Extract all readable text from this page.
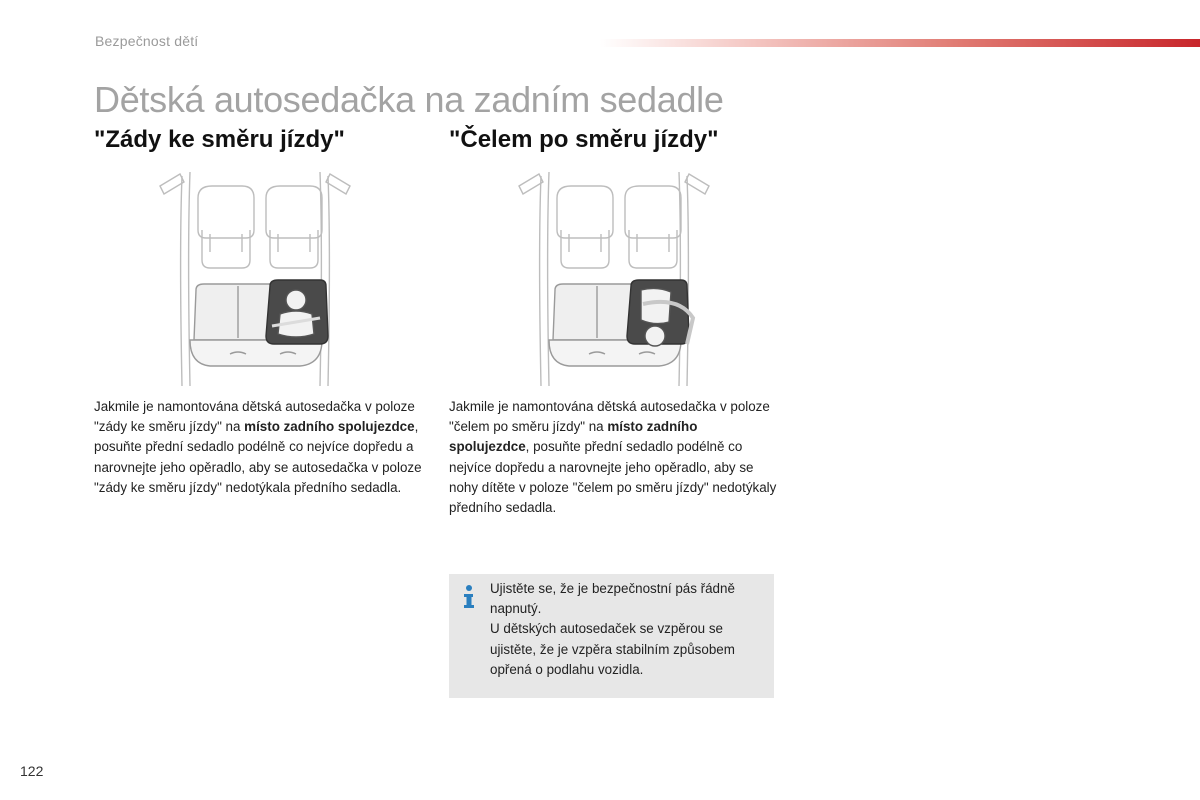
Bezpečnost dětí
Dětská autosedačka na zadním sedadle
"Zády ke směru jízdy"	"Čelem po směru jízdy"
Jakmile je namontována dětská autosedačka v poloze "zády ke směru jízdy" na místo zadního spolujezdce, posuňte přední sedadlo podélně co nejvíce dopředu a narovnejte jeho opěradlo, aby se autosedačka v poloze "zády ke směru jízdy" nedotýkala předního sedadla.
Jakmile je namontována dětská autosedačka v poloze "čelem po směru jízdy" na místo zadního spolujezdce, posuňte přední sedadlo podélně co nejvíce dopředu a narovnejte jeho opěradlo, aby se nohy dítěte v poloze "čelem po směru jízdy" nedotýkaly předního sedadla.
Ujistěte se, že je bezpečnostní pás řádně napnutý.
U dětských autosedaček se vzpěrou se ujistěte, že je vzpěra stabilním způsobem opřená o podlahu vozidla.
122
